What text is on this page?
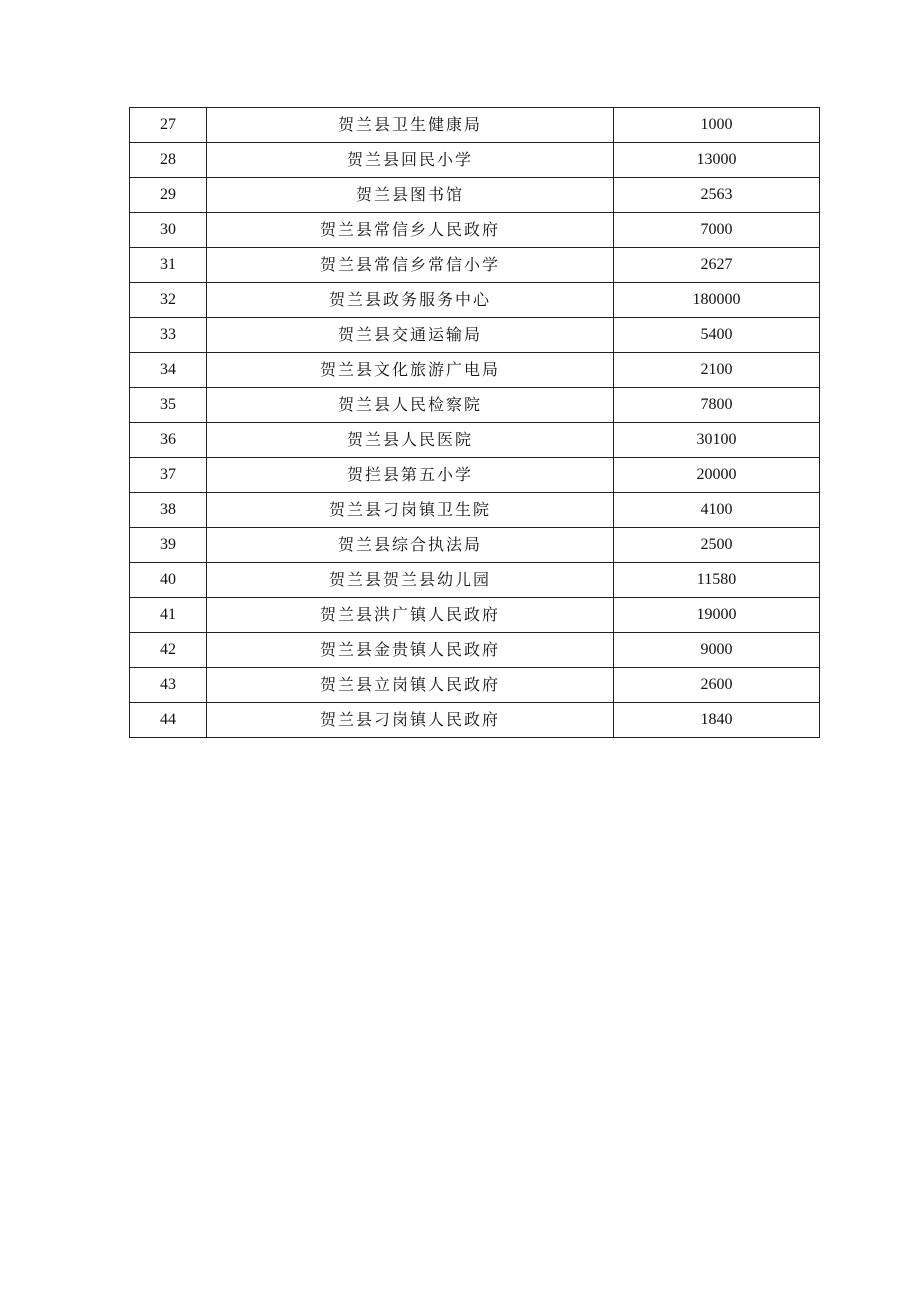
27	贺兰县卫生健康局	1000
28	贺兰县回民小学	13000
29	贺兰县图书馆	2563
30	贺兰县常信乡人民政府	7000
31	贺兰县常信乡常信小学	2627
32	贺兰县政务服务中心	180000
33	贺兰县交通运输局	5400
34	贺兰县文化旅游广电局	2100
35	贺兰县人民检察院	7800
36	贺兰县人民医院	30100
37	贺拦县第五小学	20000
38	贺兰县刁岗镇卫生院	4100
39	贺兰县综合执法局	2500
40	贺兰县贺兰县幼儿园	11580
41	贺兰县洪广镇人民政府	19000
42	贺兰县金贵镇人民政府	9000
43	贺兰县立岗镇人民政府	2600
44	贺兰县刁岗镇人民政府	1840
